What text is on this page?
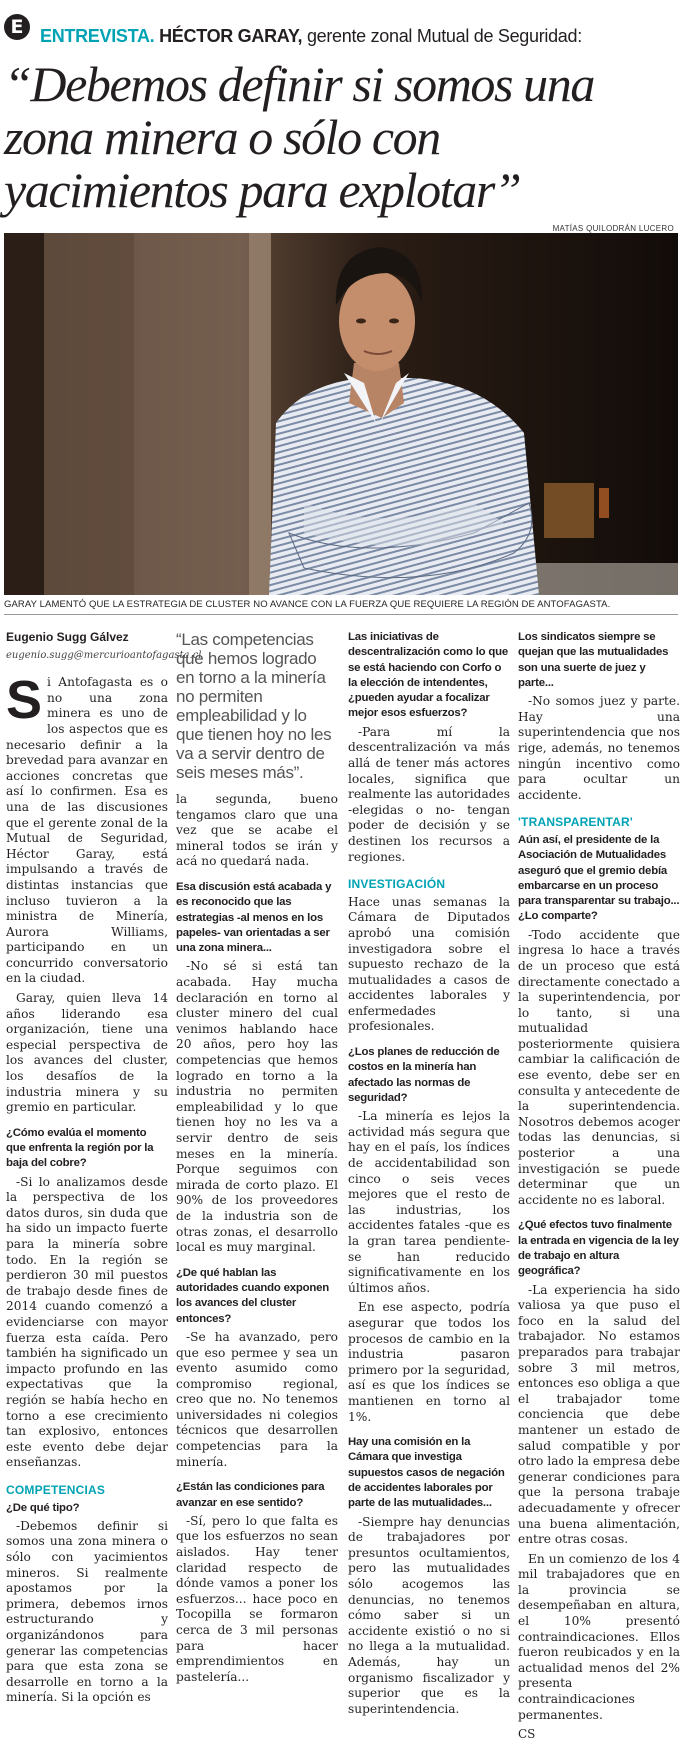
E ENTREVISTA. HÉCTOR GARAY, gerente zonal Mutual de Seguridad:
“Debemos definir si somos una zona minera o sólo con yacimientos para explotar”
MATÍAS QUILODRÁN LUCERO
GARAY LAMENTÓ QUE LA ESTRATEGIA DE CLUSTER NO AVANCE CON LA FUERZA QUE REQUIERE LA REGIÓN DE ANTOFAGASTA.

Eugenio Sugg Gálvez

eugenio.sugg@mercurioantofagasta.cl

Si Antofagasta es o no una zona minera es uno de los aspectos que es necesario definir a la brevedad para avanzar en acciones concretas que así lo confirmen. Esa es una de las discusiones que el gerente zonal de la Mutual de Seguridad, Héctor Garay, está impulsando a través de distintas instancias que incluso tuvieron a la ministra de Minería, Aurora Williams, participando en un concurrido conversatorio en la ciudad.

Garay, quien lleva 14 años liderando esa organización, tiene una especial perspectiva de los avances del cluster, los desafíos de la industria minera y su gremio en particular.

¿Cómo evalúa el momento que enfrenta la región por la baja del cobre?

-Si lo analizamos desde la perspectiva de los datos duros, sin duda que ha sido un impacto fuerte para la minería sobre todo. En la región se perdieron 30 mil puestos de trabajo desde fines de 2014 cuando comenzó a evidenciarse con mayor fuerza esta caída. Pero también ha significado un impacto profundo en las expectativas que la región se había hecho en torno a ese crecimiento tan explosivo, entonces este evento debe dejar enseñanzas.

COMPETENCIAS

¿De qué tipo?

-Debemos definir si somos una zona minera o sólo con yacimientos mineros. Si realmente apostamos por la primera, debemos irnos estructurando y organizándonos para generar las competencias para que esta zona se desarrolle en torno a la minería. Si la opción es

“Las competencias que hemos logrado en torno a la minería no permiten empleabilidad y lo que tienen hoy no les va a servir dentro de seis meses más”.

la segunda, bueno tengamos claro que una vez que se acabe el mineral todos se irán y acá no quedará nada.

Esa discusión está acabada y es reconocido que las estrategias -al menos en los papeles- van orientadas a ser una zona minera...

-No sé si está tan acabada. Hay mucha declaración en torno al cluster minero del cual venimos hablando hace 20 años, pero hoy las competencias que hemos logrado en torno a la industria no permiten empleabilidad y lo que tienen hoy no les va a servir dentro de seis meses en la minería. Porque seguimos con mirada de corto plazo. El 90% de los proveedores de la industria son de otras zonas, el desarrollo local es muy marginal.

¿De qué hablan las autoridades cuando exponen los avances del cluster entonces?

-Se ha avanzado, pero que eso permee y sea un evento asumido como compromiso regional, creo que no. No tenemos universidades ni colegios técnicos que desarrollen competencias para la minería.

¿Están las condiciones para avanzar en ese sentido?

-Sí, pero lo que falta es que los esfuerzos no sean aislados. Hay tener claridad respecto de dónde vamos a poner los esfuerzos... hace poco en Tocopilla se formaron cerca de 3 mil personas para hacer emprendimientos en pastelería...

Las iniciativas de descentralización como lo que se está haciendo con Corfo o la elección de intendentes, ¿pueden ayudar a focalizar mejor esos esfuerzos?

-Para mí la descentralización va más allá de tener más actores locales, significa que realmente las autoridades -elegidas o no- tengan poder de decisión y se destinen los recursos a regiones.

INVESTIGACIÓN

Hace unas semanas la Cámara de Diputados aprobó una comisión investigadora sobre el supuesto rechazo de la mutualidades a casos de accidentes laborales y enfermedades profesionales.

¿Los planes de reducción de costos en la minería han afectado las normas de seguridad?

-La minería es lejos la actividad más segura que hay en el país, los índices de accidentabilidad son cinco o seis veces mejores que el resto de las industrias, los accidentes fatales -que es la gran tarea pendiente- se han reducido significativamente en los últimos años.

En ese aspecto, podría asegurar que todos los procesos de cambio en la industria pasaron primero por la seguridad, así es que los índices se mantienen en torno al 1%.

Hay una comisión en la Cámara que investiga supuestos casos de negación de accidentes laborales por parte de las mutualidades...

-Siempre hay denuncias de trabajadores por presuntos ocultamientos, pero las mutualidades sólo acogemos las denuncias, no tenemos cómo saber si un accidente existió o no si no llega a la mutualidad. Además, hay un organismo fiscalizador y superior que es la superintendencia.

Los sindicatos siempre se quejan que las mutualidades son una suerte de juez y parte...

-No somos juez y parte. Hay una superintendencia que nos rige, además, no tenemos ningún incentivo como para ocultar un accidente.

'TRANSPARENTAR'

Aún así, el presidente de la Asociación de Mutualidades aseguró que el gremio debía embarcarse en un proceso para transparentar su trabajo... ¿Lo comparte?

-Todo accidente que ingresa lo hace a través de un proceso que está directamente conectado a la superintendencia, por lo tanto, si una mutualidad posteriormente quisiera cambiar la calificación de ese evento, debe ser en consulta y antecedente de la superintendencia. Nosotros debemos acoger todas las denuncias, si posterior a una investigación se puede determinar que un accidente no es laboral.

¿Qué efectos tuvo finalmente la entrada en vigencia de la ley de trabajo en altura geográfica?

-La experiencia ha sido valiosa ya que puso el foco en la salud del trabajador. No estamos preparados para trabajar sobre 3 mil metros, entonces eso obliga a que el trabajador tome conciencia que debe mantener un estado de salud compatible y por otro lado la empresa debe generar condiciones para que la persona trabaje adecuadamente y ofrecer una buena alimentación, entre otras cosas.

En un comienzo de los 4 mil trabajadores que en la provincia se desempeñaban en altura, el 10% presentó contraindicaciones. Ellos fueron reubicados y en la actualidad menos del 2% presenta contraindicaciones permanentes.

CS
